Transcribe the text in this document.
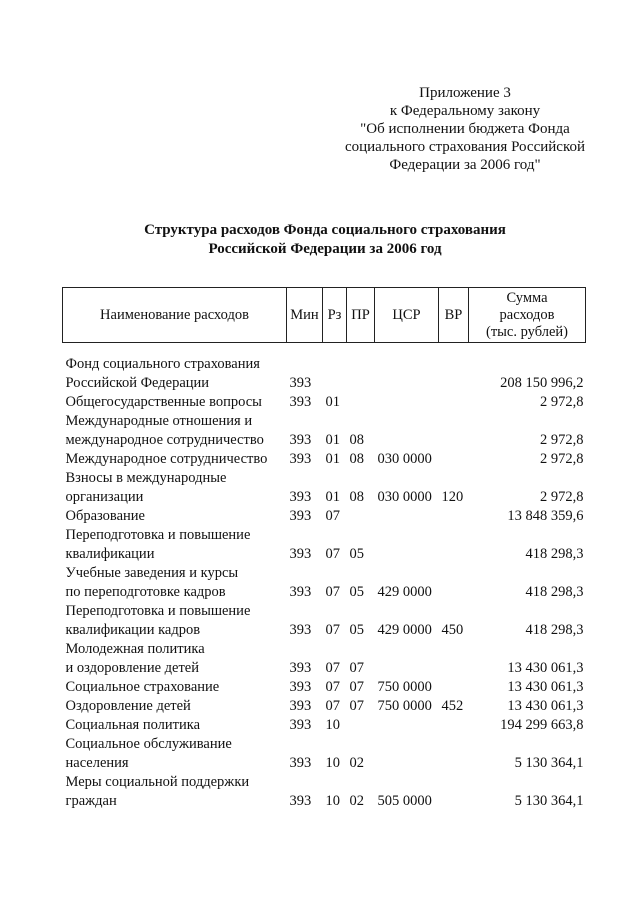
Приложение 3
к Федеральному закону
"Об исполнении бюджета Фонда
социального страхования Российской
Федерации за 2006 год"
Структура расходов Фонда социального страхования
Российской Федерации за 2006 год
Наименование расходов	Мин	Рз	ПР	ЦСР	ВР	Сумма
расходов
(тыс. рублей)

Фонд социального страхования
Российской Федерации	393					208 150 996,2

Общегосударственные вопросы	393	01				2 972,8

Международные отношения и
международное сотрудничество	393	01	08			2 972,8

Международное сотрудничество	393	01	08	030 0000		2 972,8

Взносы в международные
организации	393	01	08	030 0000	120	2 972,8

Образование	393	07				13 848 359,6

Переподготовка и повышение
квалификации	393	07	05			418 298,3

Учебные заведения и курсы
по переподготовке кадров	393	07	05	429 0000		418 298,3

Переподготовка и повышение
квалификации кадров	393	07	05	429 0000	450	418 298,3

Молодежная политика
и оздоровление детей	393	07	07			13 430 061,3

Социальное страхование	393	07	07	750 0000		13 430 061,3

Оздоровление детей	393	07	07	750 0000	452	13 430 061,3

Социальная политика	393	10				194 299 663,8

Социальное обслуживание
населения	393	10	02			5 130 364,1

Меры социальной поддержки
граждан	393	10	02	505 0000		5 130 364,1
